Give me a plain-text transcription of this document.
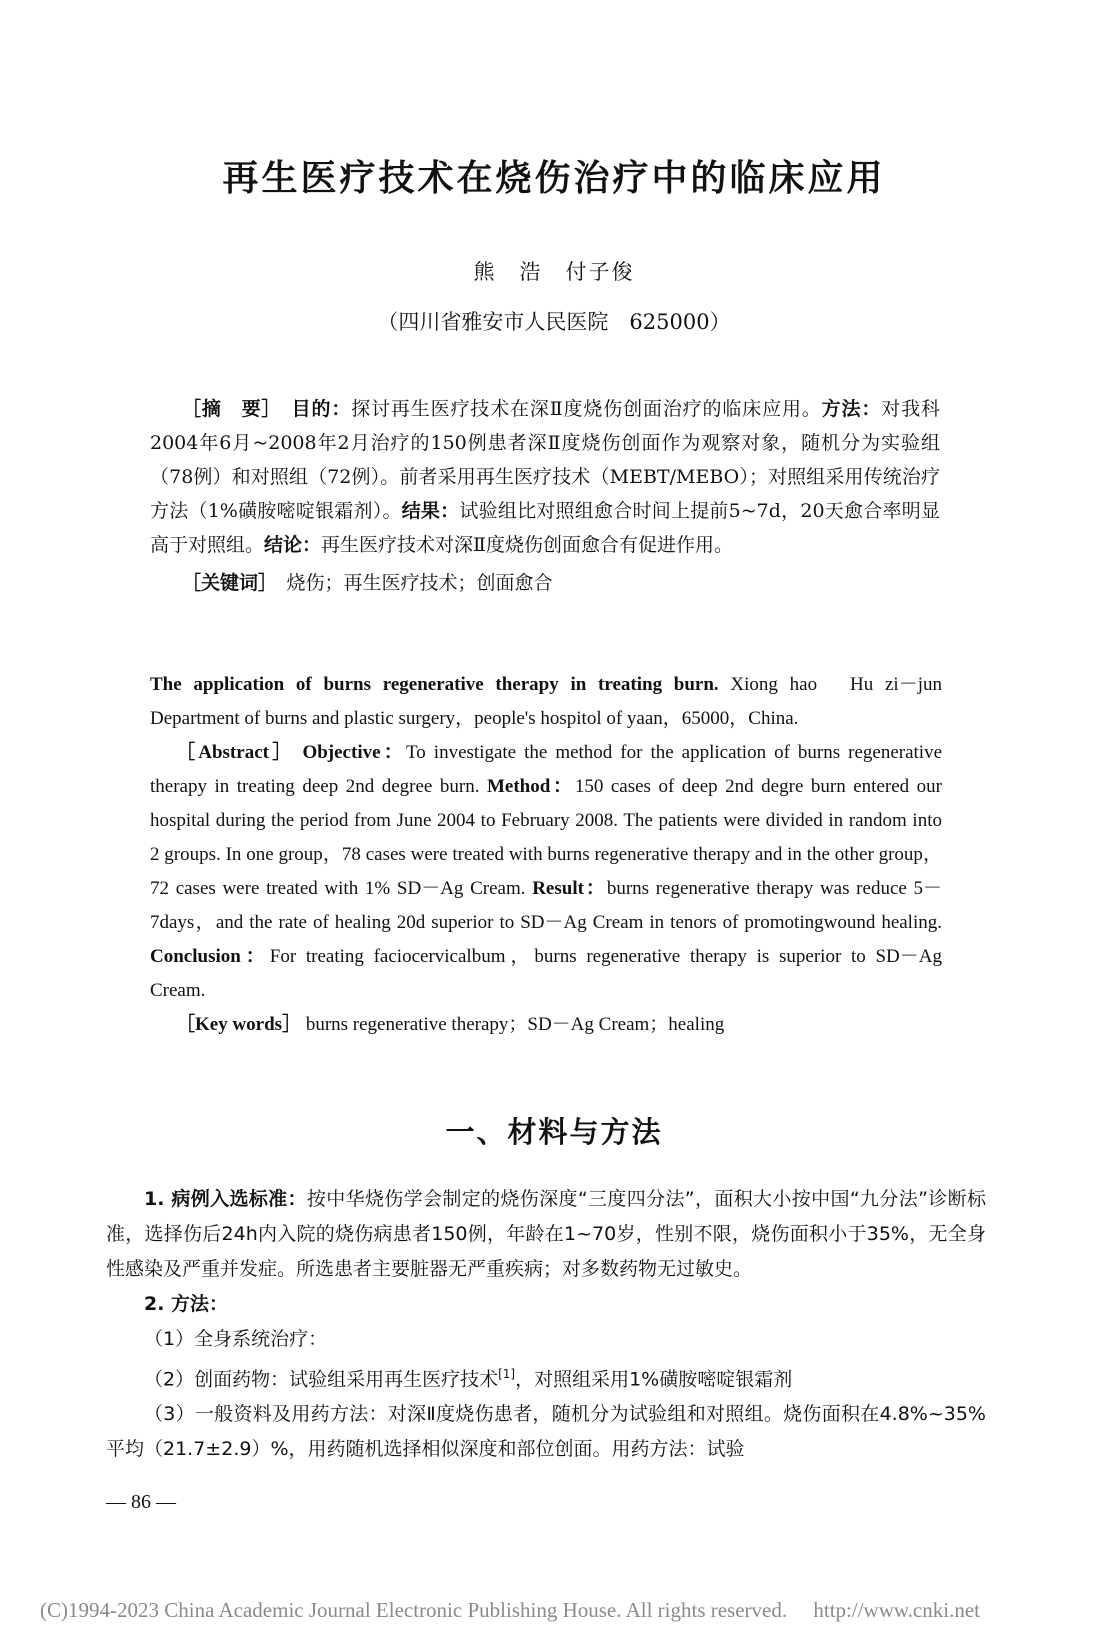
再生医疗技术在烧伤治疗中的临床应用
熊　浩　付子俊
（四川省雅安市人民医院　625000）

［摘　要］　 目的：探讨再生医疗技术在深Ⅱ度烧伤创面治疗的临床应用。方法：对我科2004年6月~2008年2月治疗的150例患者深Ⅱ度烧伤创面作为观察对象，随机分为实验组（78例）和对照组（72例）。前者采用再生医疗技术（MEBT/MEBO）；对照组采用传统治疗方法（1%磺胺嘧啶银霜剂）。结果：试验组比对照组愈合时间上提前5~7d，20天愈合率明显高于对照组。结论：再生医疗技术对深Ⅱ度烧伤创面愈合有促进作用。

［关键词］　 烧伤；再生医疗技术；创面愈合

The application of burns regenerative therapy in treating burn. Xiong hao　Hu zi－jun Department of burns and plastic surgery，people's hospitol of yaan，65000，China.

［Abstract］ Objective：To investigate the method for the application of burns regenerative therapy in treating deep 2nd degree burn. Method：150 cases of deep 2nd degre burn entered our hospital during the period from June 2004 to February 2008. The patients were divided in random into 2 groups. In one group，78 cases were treated with burns regenerative therapy and in the other group，72 cases were treated with 1% SD－Ag Cream. Result：burns regenerative therapy was reduce 5－7days，and the rate of healing 20d superior to SD－Ag Cream in tenors of promotingwound healing. Conclusion：For treating faciocervicalbum，burns regenerative therapy is superior to SD－Ag Cream.

［Key words］ burns regenerative therapy；SD－Ag Cream；healing

一、材料与方法

1. 病例入选标准：按中华烧伤学会制定的烧伤深度“三度四分法”，面积大小按中国“九分法”诊断标准，选择伤后24h内入院的烧伤病患者150例，年龄在1~70岁，性别不限，烧伤面积小于35%，无全身性感染及严重并发症。所选患者主要脏器无严重疾病；对多数药物无过敏史。

2. 方法：

（1）全身系统治疗：

（2）创面药物：试验组采用再生医疗技术[1]，对照组采用1%磺胺嘧啶银霜剂

（3）一般资料及用药方法：对深Ⅱ度烧伤患者，随机分为试验组和对照组。烧伤面积在4.8%~35%平均（21.7±2.9）%，用药随机选择相似深度和部位创面。用药方法：试验

— 86 —
(C)1994-2023 China Academic Journal Electronic Publishing House. All rights reserved.　 http://www.cnki.net
